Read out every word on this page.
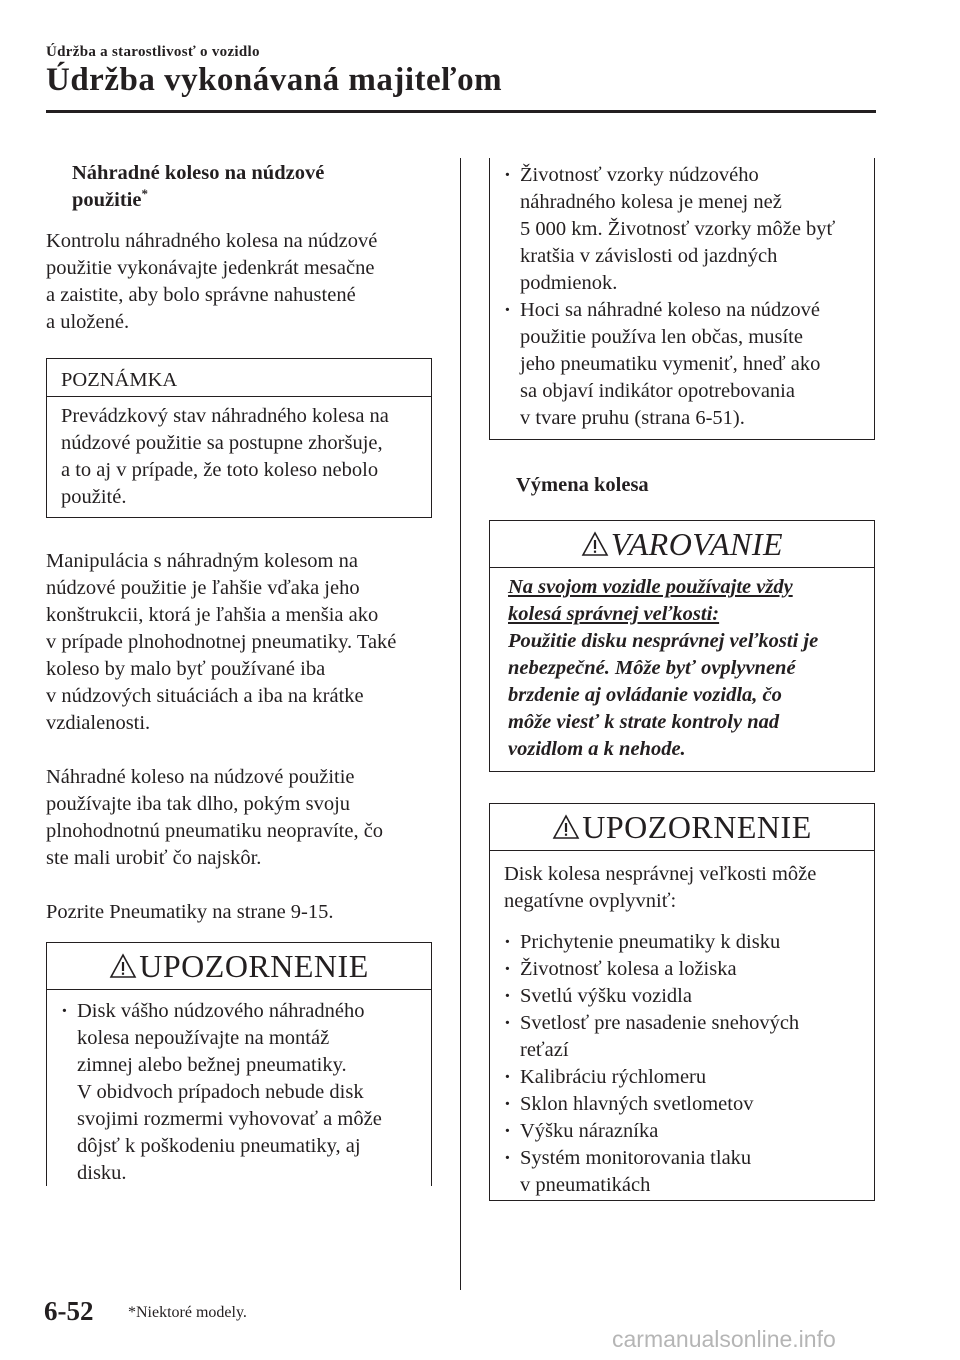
Údržba a starostlivosť o vozidlo
Údržba vykonávaná majiteľom
Náhradné koleso na núdzové
použitie*

Kontrolu náhradného kolesa na núdzové

použitie vykonávajte jedenkrát mesačne

a zaistite, aby bolo správne nahustené

a uložené.

POZNÁMKA

Prevádzkový stav náhradného kolesa na

núdzové použitie sa postupne zhoršuje,

a to aj v prípade, že toto koleso nebolo

použité.

Manipulácia s náhradným kolesom na

núdzové použitie je ľahšie vďaka jeho

konštrukcii, ktorá je ľahšia a menšia ako

v prípade plnohodnotnej pneumatiky. Také

koleso by malo byť používané iba

v núdzových situáciách a iba na krátke

vzdialenosti.

Náhradné koleso na núdzové použitie

používajte iba tak dlho, pokým svoju

plnohodnotnú pneumatiku neopravíte, čo

ste mali urobiť čo najskôr.

Pozrite Pneumatiky na strane 9-15.

UPOZORNENIE

· Disk vášho núdzového náhradného

kolesa nepoužívajte na montáž

zimnej alebo bežnej pneumatiky.

V obidvoch prípadoch nebude disk

svojimi rozmermi vyhovovať a môže

dôjsť k poškodeniu pneumatiky, aj

disku.

· Životnosť vzorky núdzového

náhradného kolesa je menej než

5 000 km. Životnosť vzorky môže byť

kratšia v závislosti od jazdných

podmienok.

· Hoci sa náhradné koleso na núdzové

použitie používa len občas, musíte

jeho pneumatiku vymeniť, hneď ako

sa objaví indikátor opotrebovania

v tvare pruhu (strana 6-51).

Výmena kolesa
VAROVANIE

Na svojom vozidle používajte vždy

kolesá správnej veľkosti:

Použitie disku nesprávnej veľkosti je

nebezpečné. Môže byť ovplyvnené

brzdenie aj ovládanie vozidla, čo

môže viesť k strate kontroly nad

vozidlom a k nehode.

UPOZORNENIE

Disk kolesa nesprávnej veľkosti môže

negatívne ovplyvniť:

· Prichytenie pneumatiky k disku
· Životnosť kolesa a ložiska
· Svetlú výšku vozidla

· Svetlosť pre nasadenie snehových

reťazí

· Kalibráciu rýchlomeru
· Sklon hlavných svetlometov
· Výšku nárazníka

· Systém monitorovania tlaku

v pneumatikách

6-52 *Niektoré modely.
carmanualsonline.info
